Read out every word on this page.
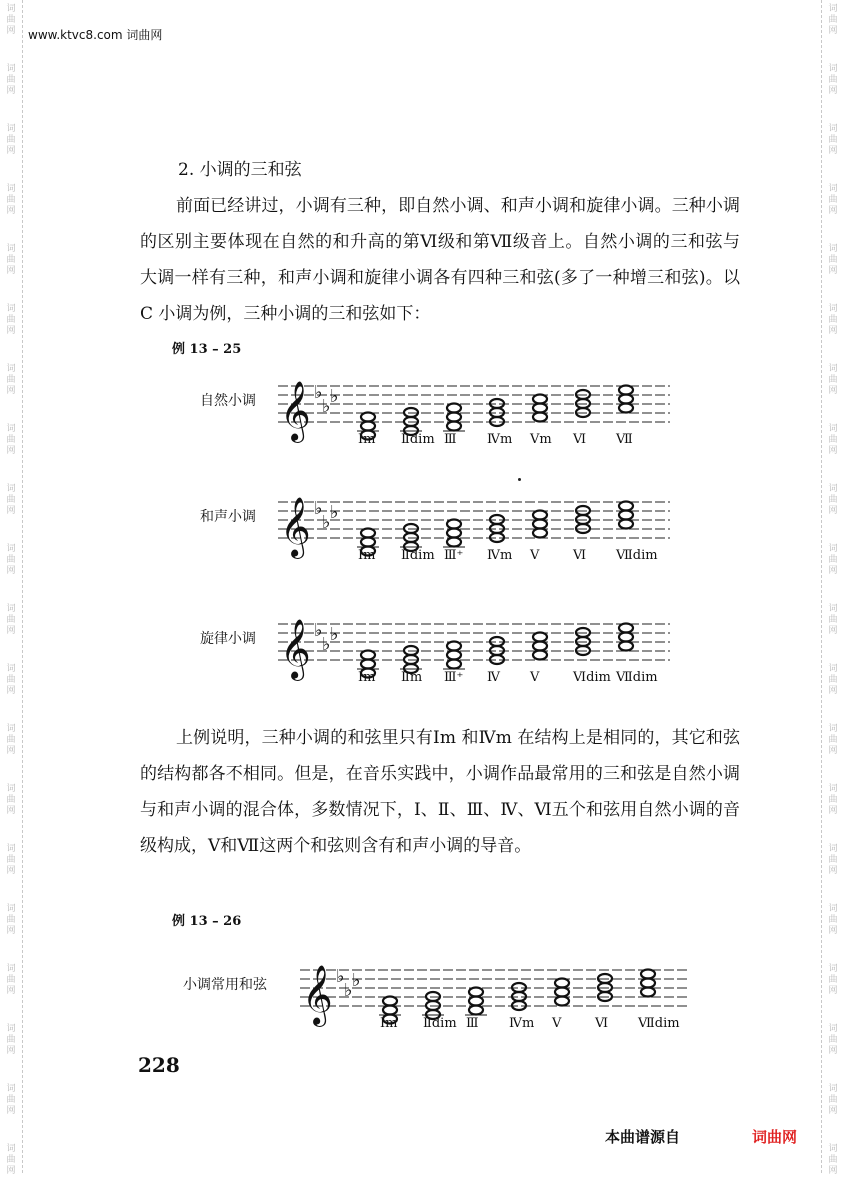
词
曲
网
词
曲
网
词
曲
网
词
曲
网
词
曲
网
词
曲
网
词
曲
网
词
曲
网
词
曲
网
词
曲
网
词
曲
网
词
曲
网
词
曲
网
词
曲
网
词
曲
网
词
曲
网
词
曲
网
词
曲
网
词
曲
网
词
曲
网
词
曲
网
词
曲
网
词
曲
网
词
曲
网
词
曲
网
词
曲
网
词
曲
网
词
曲
网
词
曲
网
词
曲
网
词
曲
网
词
曲
网
词
曲
网
词
曲
网
词
曲
网
词
曲
网
词
曲
网
词
曲
网
词
曲
网
词
曲
网
www.ktvc8.com 词曲网
2. 小调的三和弦

前面已经讲过，小调有三种，即自然小调、和声小调和旋律小调。三种小调的区别主要体现在自然的和升高的第Ⅵ级和第Ⅶ级音上。自然小调的三和弦与大调一样有三种，和声小调和旋律小调各有四种三和弦(多了一种增三和弦)。以 C 小调为例，三种小调的三和弦如下：

例 13 – 25
自然小调
Ⅰm Ⅱdim Ⅲ Ⅳm Ⅴm Ⅵ Ⅶ
𝄞 ♭
♭ ♭
和声小调
Ⅰm Ⅱdim Ⅲ⁺ Ⅳm Ⅴ	Ⅵ Ⅶdim
𝄞 ♭
♭ ♭
旋律小调
Ⅰm Ⅱm Ⅲ⁺ Ⅳ Ⅴ	Ⅵdim Ⅶdim
𝄞 ♭
♭ ♭

上例说明，三种小调的和弦里只有Ⅰm 和Ⅳm 在结构上是相同的，其它和弦的结构都各不相同。但是，在音乐实践中，小调作品最常用的三和弦是自然小调与和声小调的混合体，多数情况下，Ⅰ、Ⅱ、Ⅲ、Ⅳ、Ⅵ五个和弦用自然小调的音级构成，Ⅴ和Ⅶ这两个和弦则含有和声小调的导音。

例 13 – 26
小调常用和弦
Ⅰm Ⅱdim Ⅲ Ⅳm Ⅴ	Ⅵ Ⅶdim
𝄞 ♭
♭ ♭
228
本曲谱源自	词曲网
